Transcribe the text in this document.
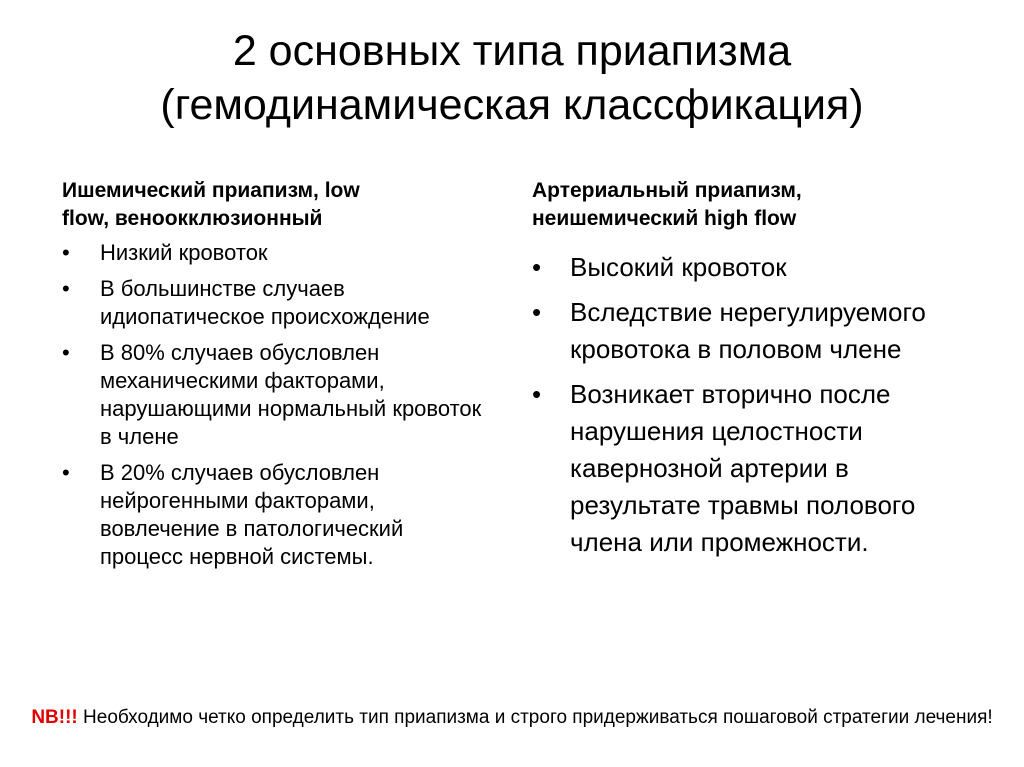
2 основных типа приапизма
(гемодинамическая классфикация)
Ишемический приапизм, low
flow, веноокклюзионный
• Низкий кровоток
• В большинстве случаев идиопатическое происхождение
• В 80% случаев обусловлен механическими факторами, нарушающими нормальный кровоток в члене
• В 20% случаев обусловлен нейрогенными факторами, вовлечение в патологический процесс нервной системы.
Артериальный приапизм,
неишемический high flow
• Высокий кровоток
• Вследствие нерегулируемого кровотока в половом члене
• Возникает вторично после нарушения целостности кавернозной артерии в результате травмы полового члена или промежности.
NB!!! Необходимо четко определить тип приапизма и строго придерживаться пошаговой стратегии лечения!
